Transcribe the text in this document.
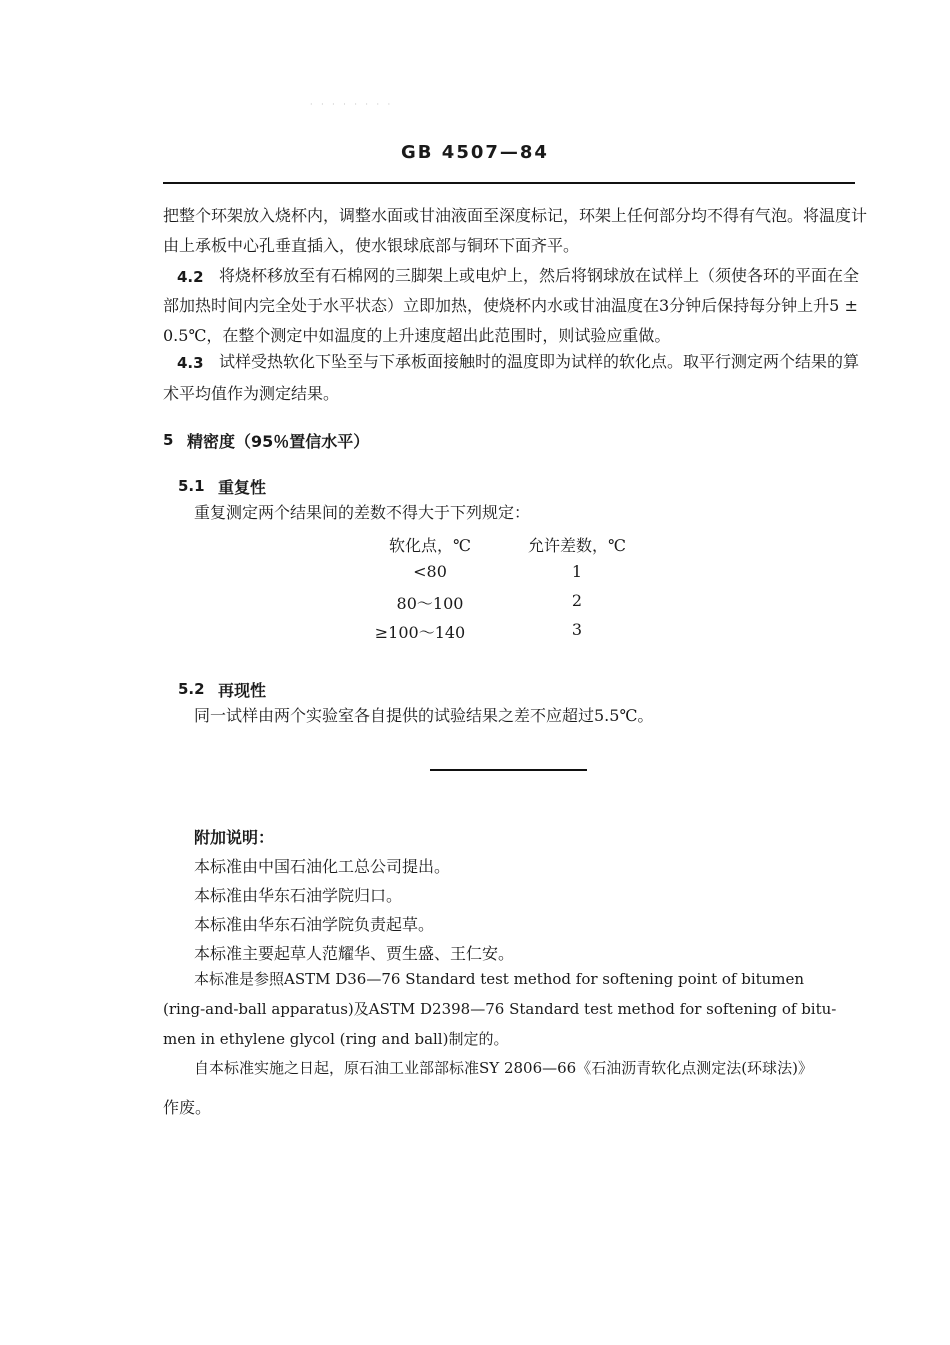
· · · · · · · ·
GB 4507—84
把整个环架放入烧杯内，调整水面或甘油液面至深度标记，环架上任何部分均不得有气泡。将温度计
由上承板中心孔垂直插入，使水银球底部与铜环下面齐平。
4.2 将烧杯移放至有石棉网的三脚架上或电炉上，然后将钢球放在试样上（须使各环的平面在全
部加热时间内完全处于水平状态）立即加热，使烧杯内水或甘油温度在3分钟后保持每分钟上升5 ±
0.5℃，在整个测定中如温度的上升速度超出此范围时，则试验应重做。
4.3 试样受热软化下坠至与下承板面接触时的温度即为试样的软化点。取平行测定两个结果的算
术平均值作为测定结果。
5 精密度（95％置信水平）
5.1 重复性
重复测定两个结果间的差数不得大于下列规定：
软化点，℃	允许差数，℃
<80	1
80～100	2
≥100～140	3
5.2 再现性
同一试样由两个实验室各自提供的试验结果之差不应超过5.5℃。
附加说明：
本标准由中国石油化工总公司提出。
本标准由华东石油学院归口。
本标准由华东石油学院负责起草。
本标准主要起草人范耀华、贾生盛、王仁安。
本标准是参照ASTM D36—76 Standard test method for softening point of bitumen
(ring-and-ball apparatus)及ASTM D2398—76 Standard test method for softening of bitu-
men in ethylene glycol (ring and ball)制定的。
自本标准实施之日起，原石油工业部部标准SY 2806—66《石油沥青软化点测定法(环球法)》
作废。
